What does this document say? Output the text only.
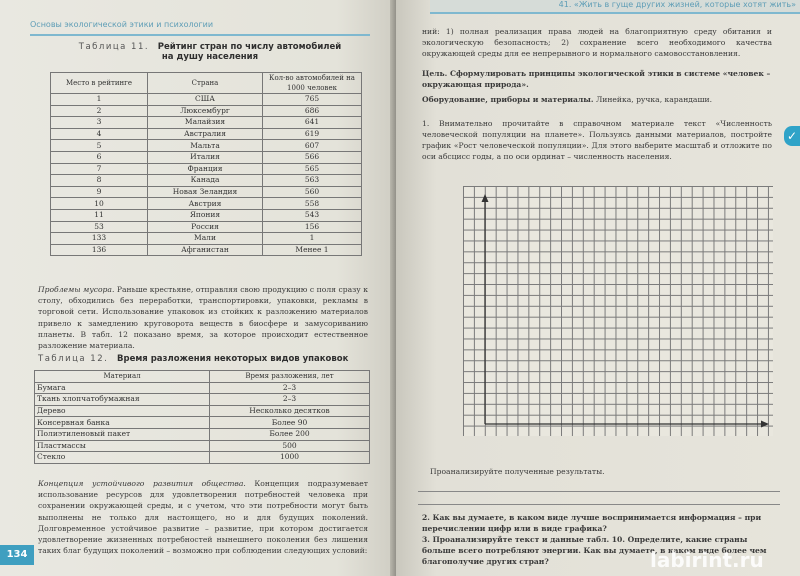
Основы экологической этики и психологии
Таблица 11. Рейтинг стран по числу автомобилей
на душу населения
Место в рейтинге	Страна	Кол-во автомобилей на 1000 человек
1	США	765
2	Люксембург	686
3	Малайзия	641
4	Австралия	619
5	Мальта	607
6	Италия	566
7	Франция	565
8	Канада	563
9	Новая Зеландия	560
10	Австрия	558
11	Япония	543
53	Россия	156
133	Мали	1
136	Афганистан	Менее 1
Проблемы мусора. Раньше крестьяне, отправляя свою продукцию с поля сразу к столу, обходились без переработки, транспортировки, упаковки, рекламы в торговой сети. Использование упаковок из стойких к разложению материалов привело к замедлению круговорота веществ в биосфере и замусориванию планеты. В табл. 12 показано время, за которое происходит естественное разложение материала.
Таблица 12. Время разложения некоторых видов упаковок
Материал	Время разложения, лет
Бумага	2–3
Ткань хлопчатобумажная	2–3
Дерево	Несколько десятков
Консервная банка	Более 90
Полиэтиленовый пакет	Более 200
Пластмассы	500
Стекло	1000
Концепция устойчивого развития общества. Концепция подразумевает использование ресурсов для удовлетворения потребностей человека при сохранении окружающей среды, и с учетом, что эти потребности могут быть выполнены не только для настоящего, но и для будущих поколений. Долговременное устойчивое развитие – развитие, при котором достигается удовлетворение жизненных потребностей нынешнего поколения без лишения таких благ будущих поколений – возможно при соблюдении следующих условий:
134
41. «Жить в гуще других жизней, которые хотят жить»
✓
ний: 1) полная реализация права людей на благоприятную среду обитания и экологическую безопасность; 2) сохранение всего необходимого качества окружающей среды для ее непрерывного и нормального самовосстановления.
Цель. Сформулировать принципы экологической этики в системе «человек – окружающая природа».
Оборудование, приборы и материалы. Линейка, ручка, карандаши.
1. Внимательно прочитайте в справочном материале текст «Численность человеческой популяции на планете». Пользуясь данными материалов, постройте график «Рост человеческой популяции». Для этого выберите масштаб и отложите по оси абсцисс годы, а по оси ординат – численность населения.
Проанализируйте полученные результаты.
2. Как вы думаете, в каком виде лучше воспринимается информация – при перечислении цифр или в виде графика?
3. Проанализируйте текст и данные табл. 10. Определите, какие страны больше всего потребляют энергии. Как вы думаете, в каком виде более чем благополучие других стран?	labirint.ru
